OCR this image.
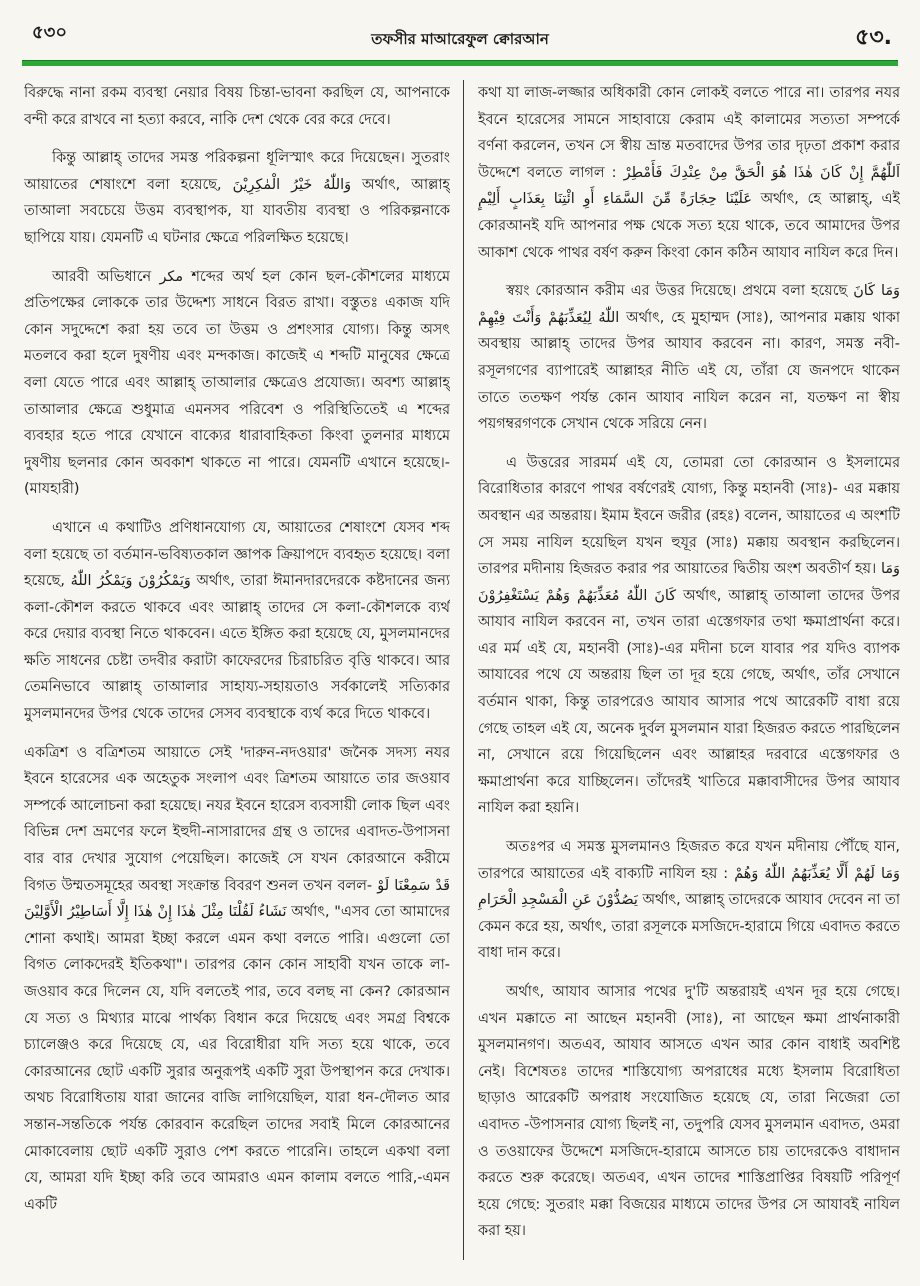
৫৩০	তফসীর মাআরেফুল ক্বোরআন	৫৩.

বিরুদ্ধে নানা রকম ব্যবস্থা নেয়ার বিষয় চিন্তা-ভাবনা করছিল যে, আপনাকে বন্দী করে রাখবে না হত্যা করবে, নাকি দেশ থেকে বের করে দেবে।

কিন্তু আল্লাহ্ তাদের সমস্ত পরিকল্পনা ধূলিস্মাৎ করে দিয়েছেন। সুতরাং আয়াতের শেষাংশে বলা হয়েছে, وَاللّٰهُ خَيْرُ الْمٰكِرِيْنَ অর্থাৎ, আল্লাহ্ তাআলা সবচেয়ে উত্তম ব্যবস্থাপক, যা যাবতীয় ব্যবস্থা ও পরিকল্পনাকে ছাপিয়ে যায়। যেমনটি এ ঘটনার ক্ষেত্রে পরিলক্ষিত হয়েছে।

আরবী অভিধানে مكر শব্দের অর্থ হল কোন ছল-কৌশলের মাধ্যমে প্রতিপক্ষের লোককে তার উদ্দেশ্য সাধনে বিরত রাখা। বস্তুতঃ একাজ যদি কোন সদুদ্দেশে করা হয় তবে তা উত্তম ও প্রশংসার যোগ্য। কিন্তু অসৎ মতলবে করা হলে দুষণীয় এবং মন্দকাজ। কাজেই এ শব্দটি মানুষের ক্ষেত্রে বলা যেতে পারে এবং আল্লাহ্ তাআলার ক্ষেত্রেও প্রযোজ্য। অবশ্য আল্লাহ্ তাআলার ক্ষেত্রে শুধুমাত্র এমনসব পরিবেশ ও পরিস্থিতিতেই এ শব্দের ব্যবহার হতে পারে যেখানে বাক্যের ধারাবাহিকতা কিংবা তুলনার মাধ্যমে দুষণীয় ছলনার কোন অবকাশ থাকতে না পারে। যেমনটি এখানে হয়েছে।-(মাযহারী)

এখানে এ কথাটিও প্রণিধানযোগ্য যে, আয়াতের শেষাংশে যেসব শব্দ বলা হয়েছে তা বর্তমান-ভবিষ্যতকাল জ্ঞাপক ক্রিয়াপদে ব্যবহৃত হয়েছে। বলা হয়েছে, وَيَمْكُرُوْنَ وَيَمْكُرُ اللّٰهُ অর্থাৎ, তারা ঈমানদারদেরকে কষ্টদানের জন্য কলা-কৌশল করতে থাকবে এবং আল্লাহ্ তাদের সে কলা-কৌশলকে ব্যর্থ করে দেয়ার ব্যবস্থা নিতে থাকবেন। এতে ইঙ্গিত করা হয়েছে যে, মুসলমানদের ক্ষতি সাধনের চেষ্টা তদবীর করাটা কাফেরদের চিরাচরিত বৃত্তি থাকবে। আর তেমনিভাবে আল্লাহ্ তাআলার সাহায্য-সহায়তাও সর্বকালেই সত্যিকার মুসলমানদের উপর থেকে তাদের সেসব ব্যবস্থাকে ব্যর্থ করে দিতে থাকবে।

একত্রিশ ও বত্রিশতম আয়াতে সেই 'দারুন-নদওয়ার' জনৈক সদস্য নযর ইবনে হারেসের এক অহেতুক সংলাপ এবং ত্রিশতম আয়াতে তার জওয়াব সম্পর্কে আলোচনা করা হয়েছে। নযর ইবনে হারেস ব্যবসায়ী লোক ছিল এবং বিভিন্ন দেশ ভ্রমণের ফলে ইহুদী-নাসারাদের গ্রন্থ ও তাদের এবাদত-উপাসনা বার বার দেখার সুযোগ পেয়েছিল। কাজেই সে যখন কোরআনে করীমে বিগত উম্মতসমূহের অবস্থা সংক্রান্ত বিবরণ শুনল তখন বলল- قَدْ سَمِعْنَا لَوْ نَشَاءُ لَقُلْنَا مِثْلَ هٰذَا إِنْ هٰذَا إِلَّا أَسَاطِيْرُ الْأَوَّلِيْنَ অর্থাৎ, "এসব তো আমাদের শোনা কথাই। আমরা ইচ্ছা করলে এমন কথা বলতে পারি। এগুলো তো বিগত লোকদেরই ইতিকথা"। তারপর কোন কোন সাহাবী যখন তাকে লা-জওয়াব করে দিলেন যে, যদি বলতেই পার, তবে বলছ না কেন? কোরআন যে সত্য ও মিথ্যার মাঝে পার্থক্য বিধান করে দিয়েছে এবং সমগ্র বিশ্বকে চ্যালেঞ্জও করে দিয়েছে যে, এর বিরোধীরা যদি সত্য হয়ে থাকে, তবে কোরআনের ছোট একটি সুরার অনুরূপই একটি সুরা উপস্থাপন করে দেখাক। অথচ বিরোধিতায় যারা জানের বাজি লাগিয়েছিল, যারা ধন-দৌলত আর সন্তান-সন্ততিকে পর্যন্ত কোরবান করেছিল তাদের সবাই মিলে কোরআনের মোকাবেলায় ছোট একটি সুরাও পেশ করতে পারেনি। তাহলে একথা বলা যে, আমরা যদি ইচ্ছা করি তবে আমরাও এমন কালাম বলতে পারি,-এমন একটি

কথা যা লাজ-লজ্জার অধিকারী কোন লোকই বলতে পারে না। তারপর নযর ইবনে হারেসের সামনে সাহাবায়ে কেরাম এই কালামের সত্যতা সম্পর্কে বর্ণনা করলেন, তখন সে স্বীয় ভ্রান্ত মতবাদের উপর তার দৃঢ়তা প্রকাশ করার উদ্দেশে বলতে লাগল : اَللّٰهُمَّ إِنْ كَانَ هٰذَا هُوَ الْحَقَّ مِنْ عِنْدِكَ فَأَمْطِرْ عَلَيْنَا حِجَارَةً مِّنَ السَّمَاءِ أَوِ ائْتِنَا بِعَذَابٍ أَلِيْمٍ অর্থাৎ, হে আল্লাহ্, এই কোরআনই যদি আপনার পক্ষ থেকে সত্য হয়ে থাকে, তবে আমাদের উপর আকাশ থেকে পাথর বর্ষণ করুন কিংবা কোন কঠিন আযাব নাযিল করে দিন।

স্বয়ং কোরআন করীম এর উত্তর দিয়েছে। প্রথমে বলা হয়েছে وَمَا كَانَ اللّٰهُ لِيُعَذِّبَهُمْ وَأَنْتَ فِيْهِمْ অর্থাৎ, হে মুহাম্মদ (সাঃ), আপনার মক্কায় থাকা অবস্থায় আল্লাহ্ তাদের উপর আযাব করবেন না। কারণ, সমস্ত নবী-রসূলগণের ব্যাপারেই আল্লাহর নীতি এই যে, তাঁরা যে জনপদে থাকেন তাতে ততক্ষণ পর্যন্ত কোন আযাব নাযিল করেন না, যতক্ষণ না স্বীয় পয়গম্বরগণকে সেখান থেকে সরিয়ে নেন।

এ উত্তরের সারমর্ম এই যে, তোমরা তো কোরআন ও ইসলামের বিরোধিতার কারণে পাথর বর্ষণেরই যোগ্য, কিন্তু মহানবী (সাঃ)- এর মক্কায় অবস্থান এর অন্তরায়। ইমাম ইবনে জরীর (রহঃ) বলেন, আয়াতের এ অংশটি সে সময় নাযিল হয়েছিল যখন হুযূর (সাঃ) মক্কায় অবস্থান করছিলেন। তারপর মদীনায় হিজরত করার পর আয়াতের দ্বিতীয় অংশ অবতীর্ণ হয়। وَمَا كَانَ اللّٰهُ مُعَذِّبَهُمْ وَهُمْ يَسْتَغْفِرُوْنَ অর্থাৎ, আল্লাহ্ তাআলা তাদের উপর আযাব নাযিল করবেন না, তখন তারা এস্তেগফার তথা ক্ষমাপ্রার্থনা করে। এর মর্ম এই যে, মহানবী (সাঃ)-এর মদীনা চলে যাবার পর যদিও ব্যাপক আযাবের পথে যে অন্তরায় ছিল তা দূর হয়ে গেছে, অর্থাৎ, তাঁর সেখানে বর্তমান থাকা, কিন্তু তারপরেও আযাব আসার পথে আরেকটি বাধা রয়ে গেছে তাহল এই যে, অনেক দুর্বল মুসলমান যারা হিজরত করতে পারছিলেন না, সেখানে রয়ে গিয়েছিলেন এবং আল্লাহর দরবারে এস্তেগফার ও ক্ষমাপ্রার্থনা করে যাচ্ছিলেন। তাঁদেরই খাতিরে মক্কাবাসীদের উপর আযাব নাযিল করা হয়নি।

অতঃপর এ সমস্ত মুসলমানও হিজরত করে যখন মদীনায় পৌঁছে যান, তারপরে আয়াতের এই বাক্যটি নাযিল হয় : وَمَا لَهُمْ أَلَّا يُعَذِّبَهُمُ اللّٰهُ وَهُمْ يَصُدُّوْنَ عَنِ الْمَسْجِدِ الْحَرَامِ অর্থাৎ, আল্লাহ্ তাদেরকে আযাব দেবেন না তা কেমন করে হয়, অর্থাৎ, তারা রসূলকে মসজিদে-হারামে গিয়ে এবাদত করতে বাধা দান করে।

অর্থাৎ, আযাব আসার পথের দু'টি অন্তরায়ই এখন দূর হয়ে গেছে। এখন মক্কাতে না আছেন মহানবী (সাঃ), না আছেন ক্ষমা প্রার্থনাকারী মুসলমানগণ। অতএব, আযাব আসতে এখন আর কোন বাধাই অবশিষ্ট নেই। বিশেষতঃ তাদের শাস্তিযোগ্য অপরাধের মধ্যে ইসলাম বিরোধিতা ছাড়াও আরেকটি অপরাধ সংযোজিত হয়েছে যে, তারা নিজেরা তো এবাদত -উপাসনার যোগ্য ছিলই না, তদুপরি যেসব মুসলমান এবাদত, ওমরা ও তওয়াফের উদ্দেশে মসজিদে-হারামে আসতে চায় তাদেরকেও বাধাদান করতে শুরু করেছে। অতএব, এখন তাদের শাস্তিপ্রাপ্তির বিষয়টি পরিপূর্ণ হয়ে গেছে: সুতরাং মক্কা বিজয়ের মাধ্যমে তাদের উপর সে আযাবই নাযিল করা হয়।
